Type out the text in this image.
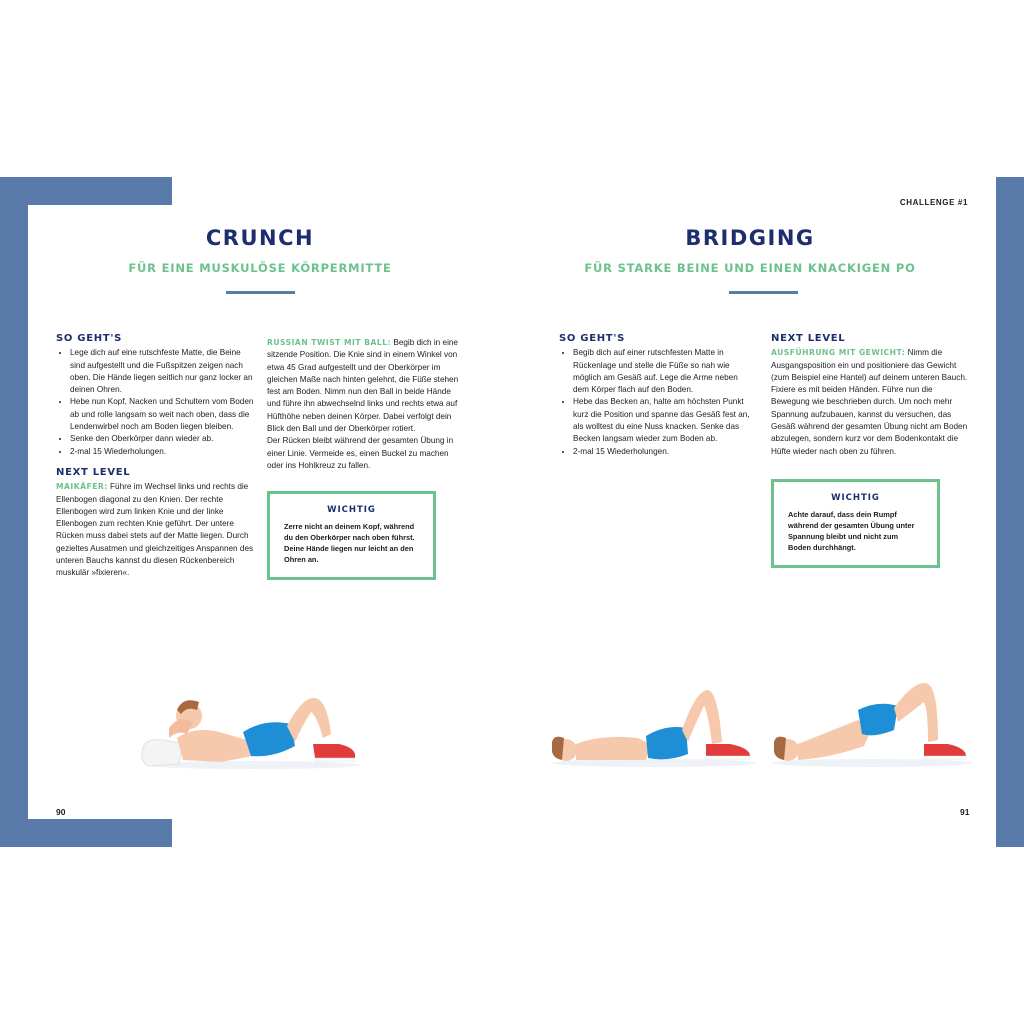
CHALLENGE #1
CRUNCH
FÜR EINE MUSKULÖSE KÖRPERMITTE
SO GEHT'S
• Lege dich auf eine rutschfeste Matte, die Beine sind aufgestellt und die Fußspitzen zeigen nach oben. Die Hände liegen seitlich nur ganz locker an deinen Ohren.
• Hebe nun Kopf, Nacken und Schultern vom Boden ab und rolle langsam so weit nach oben, dass die Lendenwirbel noch am Boden liegen bleiben.
• Senke den Oberkörper dann wieder ab.
• 2-mal 15 Wiederholungen.
NEXT LEVEL

MAIKÄFER: Führe im Wechsel links und rechts die Ellenbogen diagonal zu den Knien. Der rechte Ellenbogen wird zum linken Knie und der linke Ellenbogen zum rechten Knie geführt. Der untere Rücken muss dabei stets auf der Matte liegen. Durch gezieltes Ausatmen und gleichzeitiges Anspannen des unteren Bauchs kannst du diesen Rückenbereich muskulär »fixieren«.

RUSSIAN TWIST MIT BALL: Begib dich in eine sitzende Position. Die Knie sind in einem Winkel von etwa 45 Grad aufgestellt und der Oberkörper im gleichen Maße nach hinten gelehnt, die Füße stehen fest am Boden. Nimm nun den Ball in beide Hände und führe ihn abwechselnd links und rechts etwa auf Hüfthöhe neben deinen Körper. Dabei verfolgt dein Blick den Ball und der Oberkörper rotiert.

Der Rücken bleibt während der gesamten Übung in einer Linie. Vermeide es, einen Buckel zu machen oder ins Hohlkreuz zu fallen.

WICHTIG
Zerre nicht an deinem Kopf, während du den Oberkörper nach oben führst. Deine Hände liegen nur leicht an den Ohren an.
90
BRIDGING
FÜR STARKE BEINE UND EINEN KNACKIGEN PO
SO GEHT'S
• Begib dich auf einer rutschfesten Matte in Rückenlage und stelle die Füße so nah wie möglich am Gesäß auf. Lege die Arme neben dem Körper flach auf den Boden.
• Hebe das Becken an, halte am höchsten Punkt kurz die Position und spanne das Gesäß fest an, als wolltest du eine Nuss knacken. Senke das Becken langsam wieder zum Boden ab.
• 2-mal 15 Wiederholungen.
NEXT LEVEL

AUSFÜHRUNG MIT GEWICHT: Nimm die Ausgangsposition ein und positioniere das Gewicht (zum Beispiel eine Hantel) auf deinem unteren Bauch. Fixiere es mit beiden Händen. Führe nun die Bewegung wie beschrieben durch. Um noch mehr Spannung aufzubauen, kannst du versuchen, das Gesäß während der gesamten Übung nicht am Boden abzulegen, sondern kurz vor dem Bodenkontakt die Hüfte wieder nach oben zu führen.

WICHTIG
Achte darauf, dass dein Rumpf während der gesamten Übung unter Spannung bleibt und nicht zum Boden durchhängt.
91
